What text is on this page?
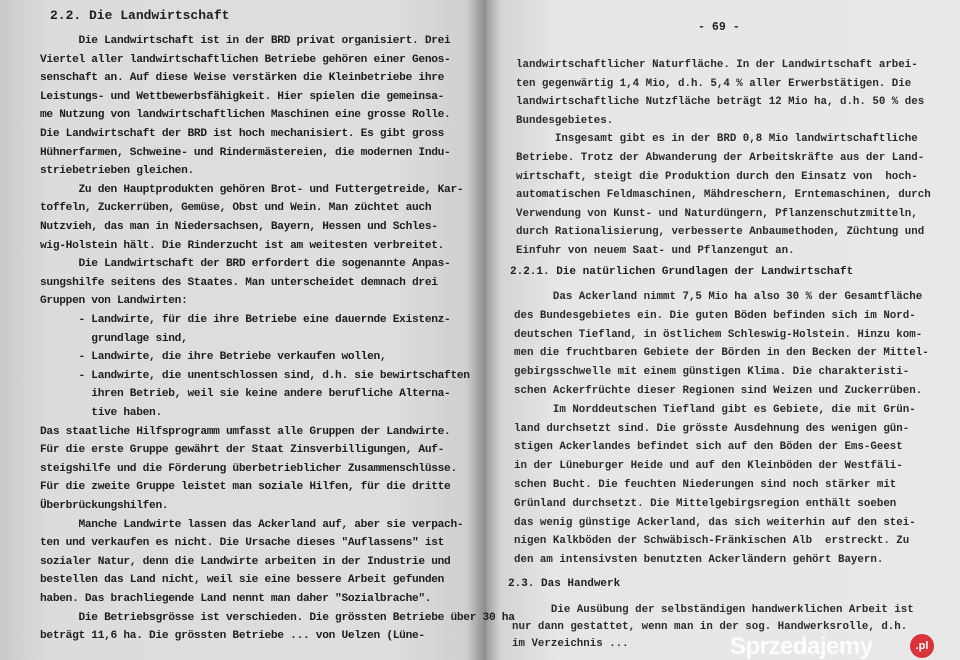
2.2. Die Landwirtschaft
Die Landwirtschaft ist in der BRD privat organisiert. Drei
Viertel aller landwirtschaftlichen Betriebe gehören einer Genos-
senschaft an. Auf diese Weise verstärken die Kleinbetriebe ihre
Leistungs- und Wettbewerbsfähigkeit. Hier spielen die gemeinsa-
me Nutzung von landwirtschaftlichen Maschinen eine grosse Rolle.
Die Landwirtschaft der BRD ist hoch mechanisiert. Es gibt gross
Hühnerfarmen, Schweine- und Rindermästereien, die modernen Indu-
striebetrieben gleichen.
Zu den Hauptprodukten gehören Brot- und Futtergetreide, Kar-
toffeln, Zuckerrüben, Gemüse, Obst und Wein. Man züchtet auch
Nutzvieh, das man in Niedersachsen, Bayern, Hessen und Schles-
wig-Holstein hält. Die Rinderzucht ist am weitesten verbreitet.
Die Landwirtschaft der BRD erfordert die sogenannte Anpas-
sungshilfe seitens des Staates. Man unterscheidet demnach drei
Gruppen von Landwirten:
- Landwirte, für die ihre Betriebe eine dauernde Existenz-
grundlage sind,
- Landwirte, die ihre Betriebe verkaufen wollen,
- Landwirte, die unentschlossen sind, d.h. sie bewirtschaften
ihren Betrieb, weil sie keine andere berufliche Alterna-
tive haben.
Das staatliche Hilfsprogramm umfasst alle Gruppen der Landwirte.
Für die erste Gruppe gewährt der Staat Zinsverbilligungen, Auf-
steigshilfe und die Förderung überbetrieblicher Zusammenschlüsse.
Für die zweite Gruppe leistet man soziale Hilfen, für die dritte
Überbrückungshilfen.
Manche Landwirte lassen das Ackerland auf, aber sie verpach-
ten und verkaufen es nicht. Die Ursache dieses "Auflassens" ist
sozialer Natur, denn die Landwirte arbeiten in der Industrie und
bestellen das Land nicht, weil sie eine bessere Arbeit gefunden
haben. Das brachliegende Land nennt man daher "Sozialbrache".
Die Betriebsgrösse ist verschieden. Die grössten Betriebe über 30 ha
beträgt 11,6 ha. Die grössten Betriebe ... von Uelzen (Lüne-
- 69 -
2.2.1. Die natürlichen Grundlagen der Landwirtschaft
2.3. Das Handwerk
landwirtschaftlicher Naturfläche. In der Landwirtschaft arbei-
ten gegenwärtig 1,4 Mio, d.h. 5,4 % aller Erwerbstätigen. Die
landwirtschaftliche Nutzfläche beträgt 12 Mio ha, d.h. 50 % des
Bundesgebietes.
Insgesamt gibt es in der BRD 0,8 Mio landwirtschaftliche
Betriebe. Trotz der Abwanderung der Arbeitskräfte aus der Land-
wirtschaft, steigt die Produktion durch den Einsatz von  hoch-
automatischen Feldmaschinen, Mähdreschern, Erntemaschinen, durch
Verwendung von Kunst- und Naturdüngern, Pflanzenschutzmitteln,
durch Rationalisierung, verbesserte Anbaumethoden, Züchtung und
Einfuhr von neuem Saat- und Pflanzengut an.
Das Ackerland nimmt 7,5 Mio ha also 30 % der Gesamtfläche
des Bundesgebietes ein. Die guten Böden befinden sich im Nord-
deutschen Tiefland, in östlichem Schleswig-Holstein. Hinzu kom-
men die fruchtbaren Gebiete der Börden in den Becken der Mittel-
gebirgsschwelle mit einem günstigen Klima. Die charakteristi-
schen Ackerfrüchte dieser Regionen sind Weizen und Zuckerrüben.
Im Norddeutschen Tiefland gibt es Gebiete, die mit Grün-
land durchsetzt sind. Die grösste Ausdehnung des wenigen gün-
stigen Ackerlandes befindet sich auf den Böden der Ems-Geest
in der Lüneburger Heide und auf den Kleinböden der Westfäli-
schen Bucht. Die feuchten Niederungen sind noch stärker mit
Grünland durchsetzt. Die Mittelgebirgsregion enthält soeben
das wenig günstige Ackerland, das sich weiterhin auf den stei-
nigen Kalkböden der Schwäbisch-Fränkischen Alb  erstreckt. Zu
den am intensivsten benutzten Ackerländern gehört Bayern.
Die Ausübung der selbständigen handwerklichen Arbeit ist
nur dann gestattet, wenn man in der sog. Handwerksrolle, d.h.
im Verzeichnis ...	Sprzedajemy	.pl
